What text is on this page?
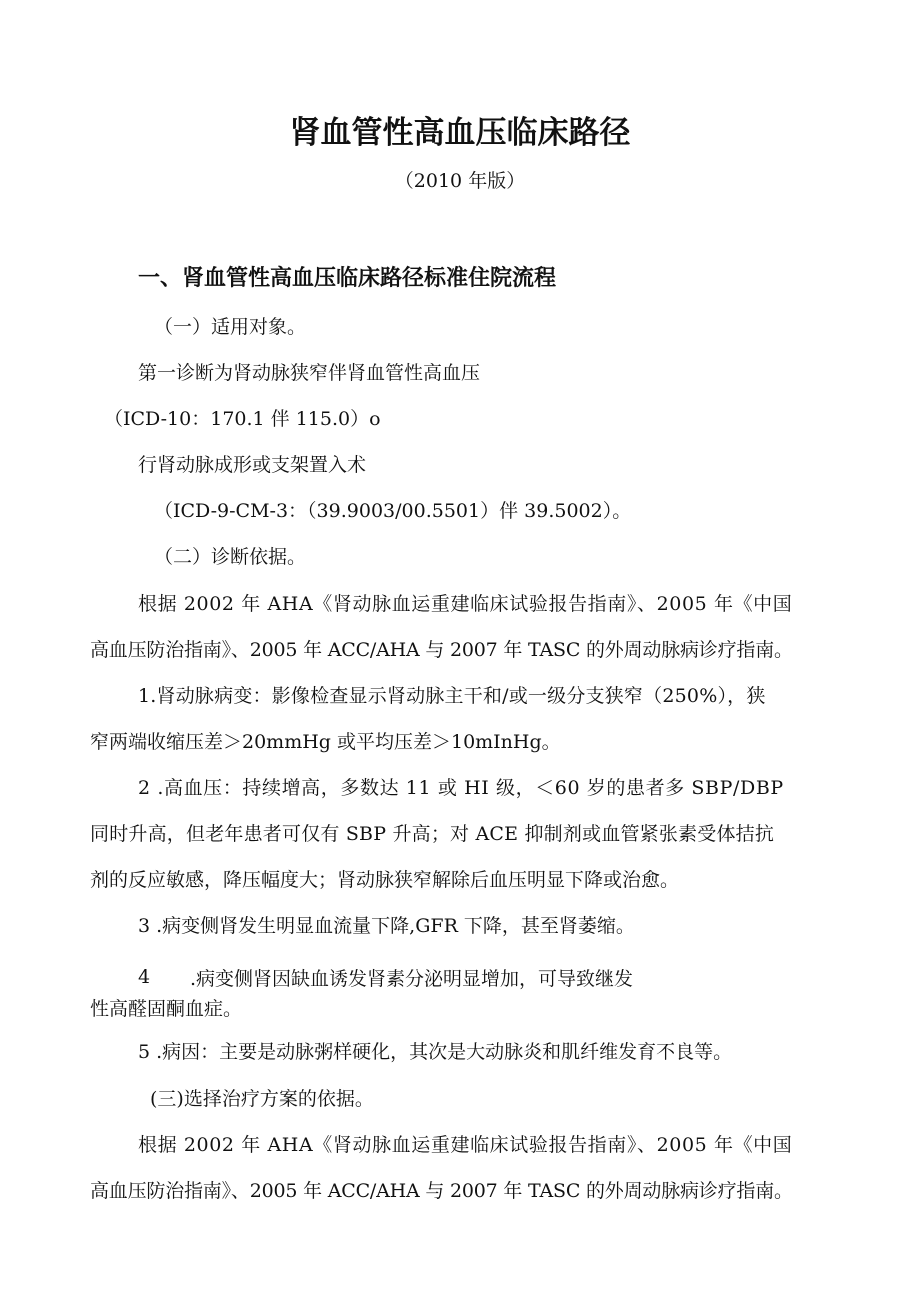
肾血管性高血压临床路径
（2010 年版）
一、肾血管性高血压临床路径标准住院流程

（一）适用对象。

第一诊断为肾动脉狭窄伴肾血管性高血压

（ICD-10：170.1 伴 115.0）o

行肾动脉成形或支架置入术

（ICD-9-CM-3：（39.9003/00.5501）伴 39.5002）。

（二）诊断依据。

根据 2002 年 AHA《肾动脉血运重建临床试验报告指南》、2005 年《中国

高血压防治指南》、2005 年 ACC/AHA 与 2007 年 TASC 的外周动脉病诊疗指南。

1.肾动脉病变：影像检查显示肾动脉主干和/或一级分支狭窄（250%），狭

窄两端收缩压差＞20mmHg 或平均压差＞10mInHg。

2 .高血压：持续增高，多数达 11 或 HI 级，＜60 岁的患者多 SBP/DBP

同时升高，但老年患者可仅有 SBP 升高；对 ACE 抑制剂或血管紧张素受体拮抗

剂的反应敏感，降压幅度大；肾动脉狭窄解除后血压明显下降或治愈。

3 .病变侧肾发生明显血流量下降,GFR 下降，甚至肾萎缩。

4 .病变侧肾因缺血诱发肾素分泌明显增加，可导致继发

性高醛固酮血症。

5 .病因：主要是动脉粥样硬化，其次是大动脉炎和肌纤维发育不良等。

(三)选择治疗方案的依据。

根据 2002 年 AHA《肾动脉血运重建临床试验报告指南》、2005 年《中国

高血压防治指南》、2005 年 ACC/AHA 与 2007 年 TASC 的外周动脉病诊疗指南。
